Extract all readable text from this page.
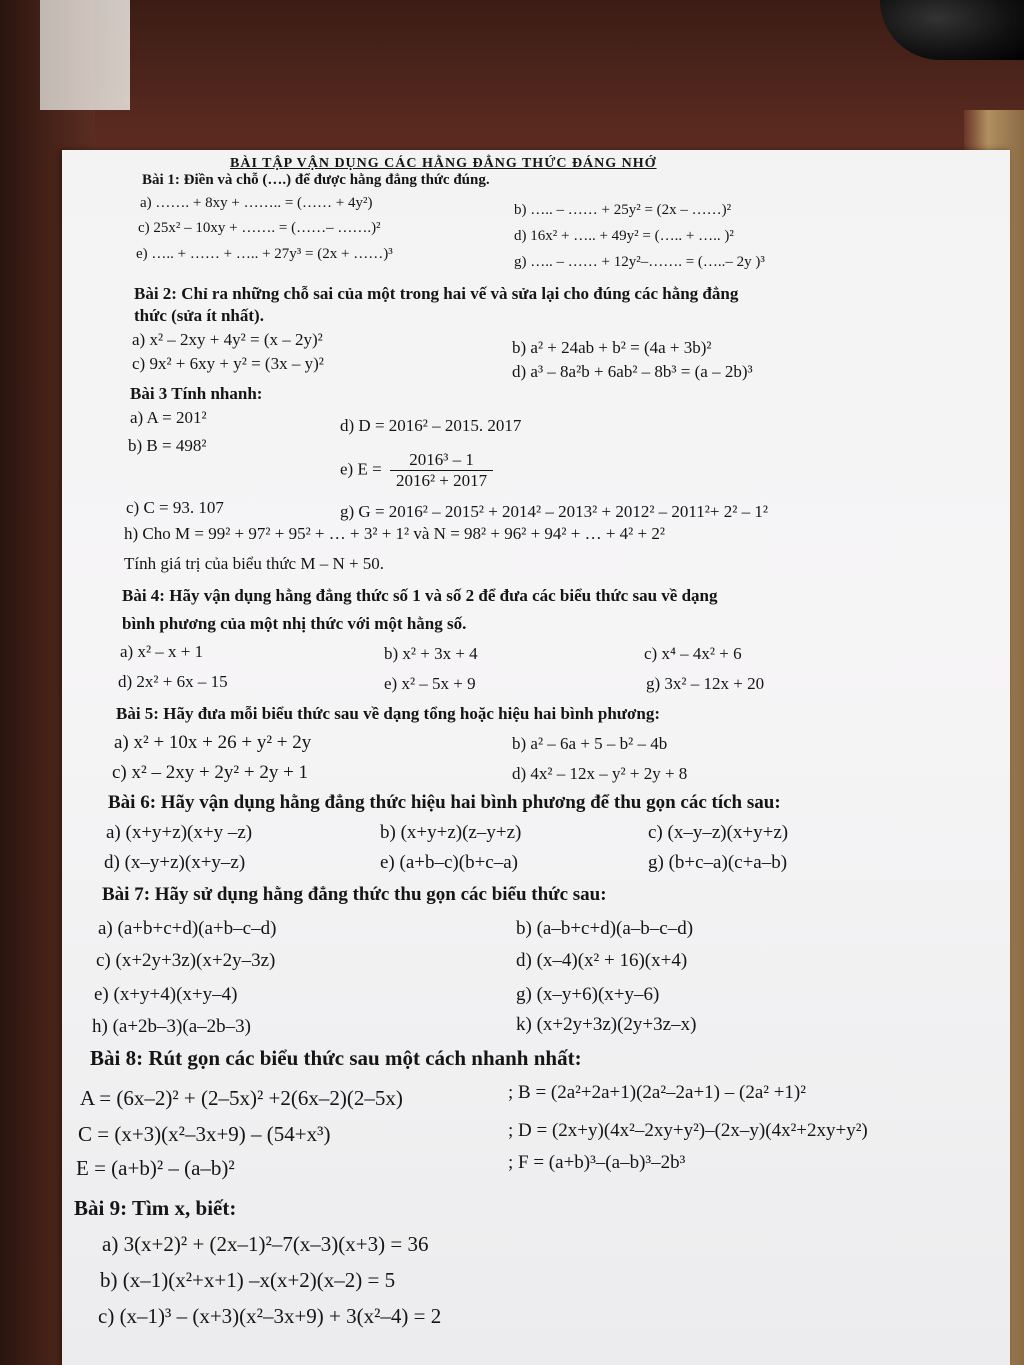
BÀI TẬP VẬN DỤNG CÁC HẰNG ĐẲNG THỨC ĐÁNG NHỚ
Bài 1: Điền và chỗ (….) để được hằng đẳng thức đúng.
a) ……. + 8xy + …….. = (…… + 4y²)	b) ….. – …… + 25y² = (2x – ……)²
c) 25x² – 10xy + ……. = (……– …….)²	d) 16x² + ….. + 49y² = (….. + ….. )²
e) ….. + …… + ….. + 27y³ = (2x + ……)³	g) ….. – …… + 12y²–……. = (…..– 2y )³
Bài 2: Chỉ ra những chỗ sai của một trong hai vế và sửa lại cho đúng các hằng đẳng
thức (sửa ít nhất).
a) x² – 2xy + 4y² = (x – 2y)²	b) a² + 24ab + b² = (4a + 3b)²
c) 9x² + 6xy + y² = (3x – y)²	d) a³ – 8a²b + 6ab² – 8b³ = (a – 2b)³
Bài 3 Tính nhanh:
a) A = 201²	d) D = 2016² – 2015. 2017
b) B = 498²
e) $E = \frac{\text{2016³ – 1}}{\text{2016² + 2017}}$
c) C = 93. 107	g) G = 2016² – 2015² + 2014² – 2013² + 2012² – 2011²+ 2² – 1²
h) Cho M = 99² + 97² + 95² + … + 3² + 1² và N = 98² + 96² + 94² + … + 4² + 2²
Tính giá trị của biểu thức M – N + 50.
Bài 4: Hãy vận dụng hằng đẳng thức số 1 và số 2 để đưa các biểu thức sau về dạng
bình phương của một nhị thức với một hằng số.
a) x² – x + 1	b) x² + 3x + 4	c) x⁴ – 4x² + 6
d) 2x² + 6x – 15	e) x² – 5x + 9	g) 3x² – 12x + 20
Bài 5: Hãy đưa mỗi biểu thức sau về dạng tổng hoặc hiệu hai bình phương:
a) x² + 10x + 26 + y² + 2y	b) a² – 6a + 5 – b² – 4b
c) x² – 2xy + 2y² + 2y + 1	d) 4x² – 12x – y² + 2y + 8
Bài 6: Hãy vận dụng hằng đẳng thức hiệu hai bình phương để thu gọn các tích sau:
a) (x+y+z)(x+y –z)	b) (x+y+z)(z–y+z)	c) (x–y–z)(x+y+z)
d) (x–y+z)(x+y–z)	e) (a+b–c)(b+c–a)	g) (b+c–a)(c+a–b)
Bài 7: Hãy sử dụng hằng đẳng thức thu gọn các biểu thức sau:
a) (a+b+c+d)(a+b–c–d)	b) (a–b+c+d)(a–b–c–d)
c) (x+2y+3z)(x+2y–3z)	d) (x–4)(x² + 16)(x+4)
e) (x+y+4)(x+y–4)	g) (x–y+6)(x+y–6)
h) (a+2b–3)(a–2b–3)	k) (x+2y+3z)(2y+3z–x)
Bài 8: Rút gọn các biểu thức sau một cách nhanh nhất:
A = (6x–2)² + (2–5x)² +2(6x–2)(2–5x)	; B = (2a²+2a+1)(2a²–2a+1) – (2a² +1)²
C = (x+3)(x²–3x+9) – (54+x³)	; D = (2x+y)(4x²–2xy+y²)–(2x–y)(4x²+2xy+y²)
E = (a+b)² – (a–b)²	; F = (a+b)³–(a–b)³–2b³
Bài 9: Tìm x, biết:
a) 3(x+2)² + (2x–1)²–7(x–3)(x+3) = 36
b) (x–1)(x²+x+1) –x(x+2)(x–2) = 5
c) (x–1)³ – (x+3)(x²–3x+9) + 3(x²–4) = 2
